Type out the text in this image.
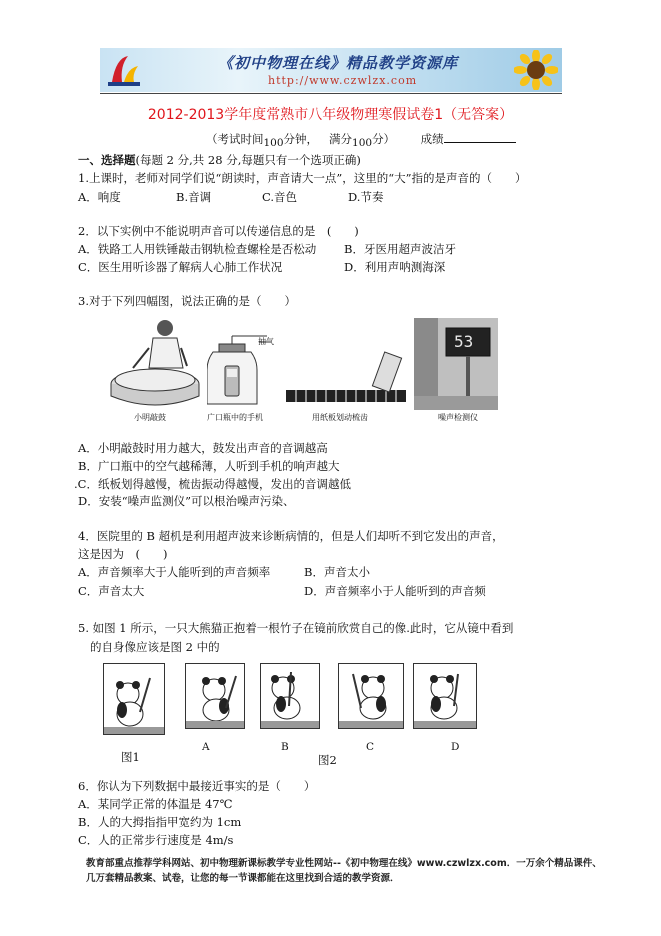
《初中物理在线》精品教学资源库
http://www.czwlzx.com
2012-2013学年度常熟市八年级物理寒假试卷1（无答案）
（考试时间100分钟， 满分100分） 成绩
一、选择题(每题 2 分,共 28 分,每题只有一个选项正确)
1.上课时，老师对同学们说“朗读时，声音请大一点”，这里的“大”指的是声音的（　　）
A．响度	B.音调	C.音色	D.节奏
2．以下实例中不能说明声音可以传递信息的是　(　　)
A．铁路工人用铁锤敲击钢轨检查螺栓是否松动 B．牙医用超声波洁牙
C．医生用听诊器了解病人心肺工作状况	D．利用声呐测海深
3.对于下列四幅图，说法正确的是（　　）
小明敲鼓
抽气
广口瓶中的手机	用纸板划动梳齿
53
噪声检测仪
A．小明敲鼓时用力越大，鼓发出声音的音调越高
B．广口瓶中的空气越稀薄，人听到手机的响声越大
.C．纸板划得越慢，梳齿振动得越慢，发出的音调越低
D．安装“噪声监测仪”可以根治噪声污染、
4．医院里的 B 超机是利用超声波来诊断病情的，但是人们却听不到它发出的声音，
这是因为　(　　)
A．声音频率大于人能听到的声音频率	B．声音太小
C．声音太大	D．声音频率小于人能听到的声音频
5. 如图 1 所示，一只大熊猫正抱着一根竹子在镜前欣赏自己的像.此时，它从镜中看到
的自身像应该是图 2 中的
图1
A	B	C	D
图2
6．你认为下列数据中最接近事实的是（　　）
A．某同学正常的体温是 47℃
B．人的大拇指指甲宽约为 1cm
C．人的正常步行速度是 4m/s
教育部重点推荐学科网站、初中物理新课标教学专业性网站--《初中物理在线》www.czwlzx.com．一万余个精品课件、
几万套精品教案、试卷，让您的每一节课都能在这里找到合适的教学资源．
